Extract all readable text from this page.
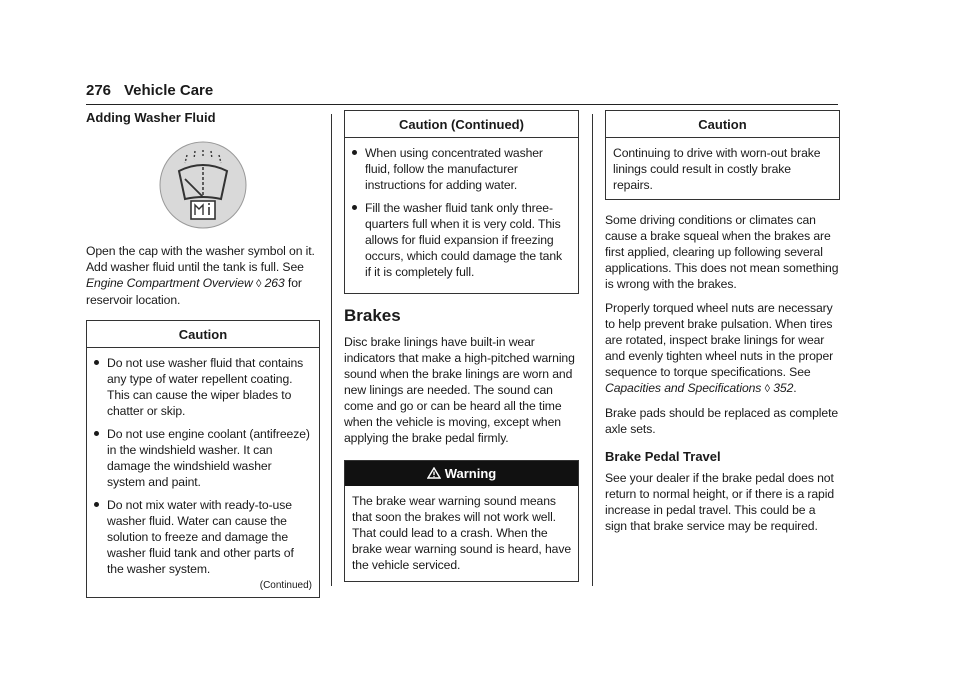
276 Vehicle Care

Adding Washer Fluid

Open the cap with the washer symbol on it. Add washer fluid until the tank is full. See Engine Compartment Overview ◊ 263 for reservoir location.

Caution
Do not use washer fluid that contains any type of water repellent coating. This can cause the wiper blades to chatter or skip.
Do not use engine coolant (antifreeze) in the windshield washer. It can damage the windshield washer system and paint.
Do not mix water with ready-to-use washer fluid. Water can cause the solution to freeze and damage the washer fluid tank and other parts of the washer system.
(Continued)
Caution (Continued)
When using concentrated washer fluid, follow the manufacturer instructions for adding water.
Fill the washer fluid tank only three-quarters full when it is very cold. This allows for fluid expansion if freezing occurs, which could damage the tank if it is completely full.

Brakes

Disc brake linings have built-in wear indicators that make a high-pitched warning sound when the brake linings are worn and new linings are needed. The sound can come and go or can be heard all the time when the vehicle is moving, except when applying the brake pedal firmly.

Warning
The brake wear warning sound means that soon the brakes will not work well. That could lead to a crash. When the brake wear warning sound is heard, have the vehicle serviced.
Caution

Continuing to drive with worn-out brake linings could result in costly brake repairs.

Some driving conditions or climates can cause a brake squeal when the brakes are first applied, clearing up following several applications. This does not mean something is wrong with the brakes.

Properly torqued wheel nuts are necessary to help prevent brake pulsation. When tires are rotated, inspect brake linings for wear and evenly tighten wheel nuts in the proper sequence to torque specifications. See Capacities and Specifications ◊ 352.

Brake pads should be replaced as complete axle sets.

Brake Pedal Travel

See your dealer if the brake pedal does not return to normal height, or if there is a rapid increase in pedal travel. This could be a sign that brake service may be required.
